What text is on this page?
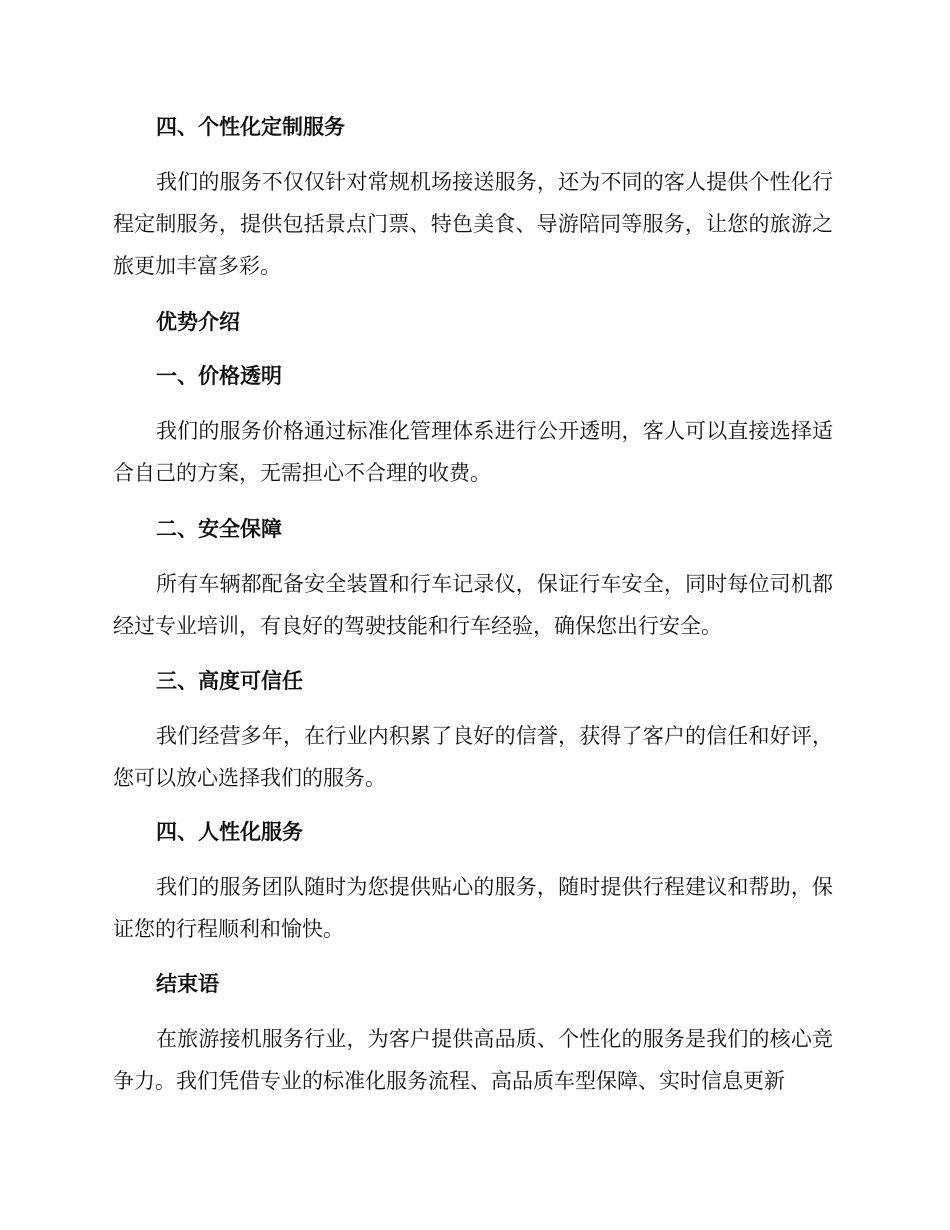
四、个性化定制服务

我们的服务不仅仅针对常规机场接送服务，还为不同的客人提供个性化行程定制服务，提供包括景点门票、特色美食、导游陪同等服务，让您的旅游之旅更加丰富多彩。

优势介绍
一、价格透明

我们的服务价格通过标准化管理体系进行公开透明，客人可以直接选择适合自己的方案，无需担心不合理的收费。

二、安全保障

所有车辆都配备安全装置和行车记录仪，保证行车安全，同时每位司机都经过专业培训，有良好的驾驶技能和行车经验，确保您出行安全。

三、高度可信任

我们经营多年，在行业内积累了良好的信誉，获得了客户的信任和好评，您可以放心选择我们的服务。

四、人性化服务

我们的服务团队随时为您提供贴心的服务，随时提供行程建议和帮助，保证您的行程顺利和愉快。

结束语

在旅游接机服务行业，为客户提供高品质、个性化的服务是我们的核心竞争力。我们凭借专业的标准化服务流程、高品质车型保障、实时信息更新
